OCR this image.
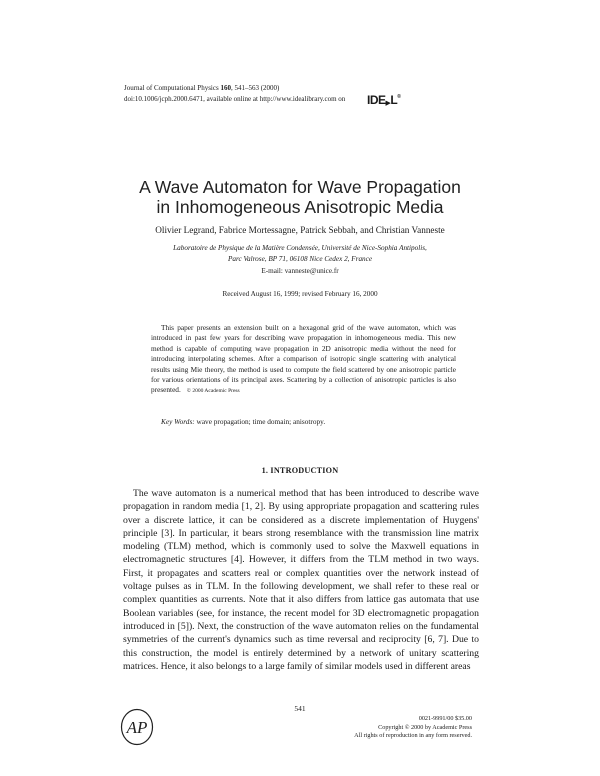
Journal of Computational Physics 160, 541–563 (2000)
doi:10.1006/jcph.2000.6471, available online at http://www.idealibrary.com on IDE▶L®
A Wave Automaton for Wave Propagation
in Inhomogeneous Anisotropic Media
Olivier Legrand, Fabrice Mortessagne, Patrick Sebbah, and Christian Vanneste
Laboratoire de Physique de la Matière Condensée, Université de Nice-Sophia Antipolis,
Parc Valrose, BP 71, 06108 Nice Cedex 2, France
E-mail: vanneste@unice.fr
Received August 16, 1999; revised February 16, 2000

This paper presents an extension built on a hexagonal grid of the wave automaton, which was introduced in past few years for describing wave propagation in inhomogeneous media. This new method is capable of computing wave propagation in 2D anisotropic media without the need for introducing interpolating schemes. After a comparison of isotropic single scattering with analytical results using Mie theory, the method is used to compute the field scattered by one anisotropic particle for various orientations of its principal axes. Scattering by a collection of anisotropic particles is also presented. © 2000 Academic Press

Key Words: wave propagation; time domain; anisotropy.
1. INTRODUCTION

The wave automaton is a numerical method that has been introduced to describe wave propagation in random media [1, 2]. By using appropriate propagation and scattering rules over a discrete lattice, it can be considered as a discrete implementation of Huygens' principle [3]. In particular, it bears strong resemblance with the transmission line matrix modeling (TLM) method, which is commonly used to solve the Maxwell equations in electromagnetic structures [4]. However, it differs from the TLM method in two ways. First, it propagates and scatters real or complex quantities over the network instead of voltage pulses as in TLM. In the following development, we shall refer to these real or complex quantities as currents. Note that it also differs from lattice gas automata that use Boolean variables (see, for instance, the recent model for 3D electromagnetic propagation introduced in [5]). Next, the construction of the wave automaton relies on the fundamental symmetries of the current's dynamics such as time reversal and reciprocity [6, 7]. Due to this construction, the model is entirely determined by a network of unitary scattering matrices. Hence, it also belongs to a large family of similar models used in different areas

541
AP	0021-9991/00 $35.00
Copyright © 2000 by Academic Press
All rights of reproduction in any form reserved.
